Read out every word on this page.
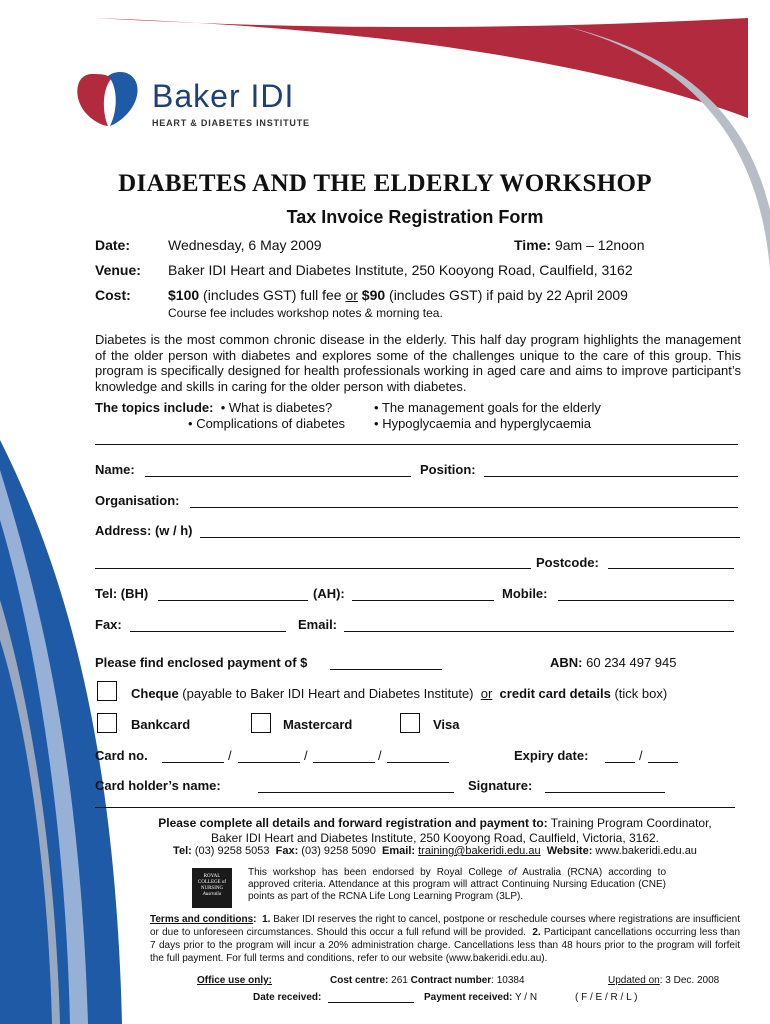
Baker IDI
HEART & DIABETES INSTITUTE
DIABETES AND THE ELDERLY WORKSHOP
Tax Invoice Registration Form
Date:	Wednesday, 6 May 2009	Time: 9am – 12noon
Venue: Baker IDI Heart and Diabetes Institute, 250 Kooyong Road, Caulfield, 3162
Cost:	$100 (includes GST) full fee or $90 (includes GST) if paid by 22 April 2009
Course fee includes workshop notes & morning tea.
Diabetes is the most common chronic disease in the elderly. This half day program highlights the management of the older person with diabetes and explores some of the challenges unique to the care of this group. This program is specifically designed for health professionals working in aged care and aims to improve participant’s knowledge and skills in caring for the older person with diabetes.
The topics include:  • What is diabetes?	• The management goals for the elderly
• Complications of diabetes • Hypoglycaemia and hyperglycaemia
Name:	Position:
Organisation:
Address: (w / h)
Postcode:
Tel: (BH)	(AH):	Mobile:
Fax:	Email:
Please find enclosed payment of $	ABN: 60 234 497 945
Cheque (payable to Baker IDI Heart and Diabetes Institute) or credit card details (tick box)
Bankcard	Mastercard	Visa
Card no.	/	/	/	Expiry date:	/
Card holder’s name:	Signature:
Please complete all details and forward registration and payment to: Training Program Coordinator,
Baker IDI Heart and Diabetes Institute, 250 Kooyong Road, Caulfield, Victoria, 3162.
Tel: (03) 9258 5053 Fax: (03) 9258 5090 Email: training@bakeridi.edu.au Website: www.bakeridi.edu.au
ROYAL
COLLEGE of
NURSING
Australia
This workshop has been endorsed by Royal College of Australia (RCNA) according to approved criteria. Attendance at this program will attract Continuing Nursing Education (CNE) points as part of the RCNA Life Long Learning Program (3LP).
Terms and conditions:  1. Baker IDI reserves the right to cancel, postpone or reschedule courses where registrations are insufficient or due to unforeseen circumstances. Should this occur a full refund will be provided.  2. Participant cancellations occurring less than 7 days prior to the program will incur a 20% administration charge. Cancellations less than 48 hours prior to the program will forfeit the full payment. For full terms and conditions, refer to our website (www.bakeridi.edu.au).
Office use only:	Cost centre: 261 Contract number: 10384	Updated on: 3 Dec. 2008
Date received:	Payment received: Y / N	( F / E / R / L )
